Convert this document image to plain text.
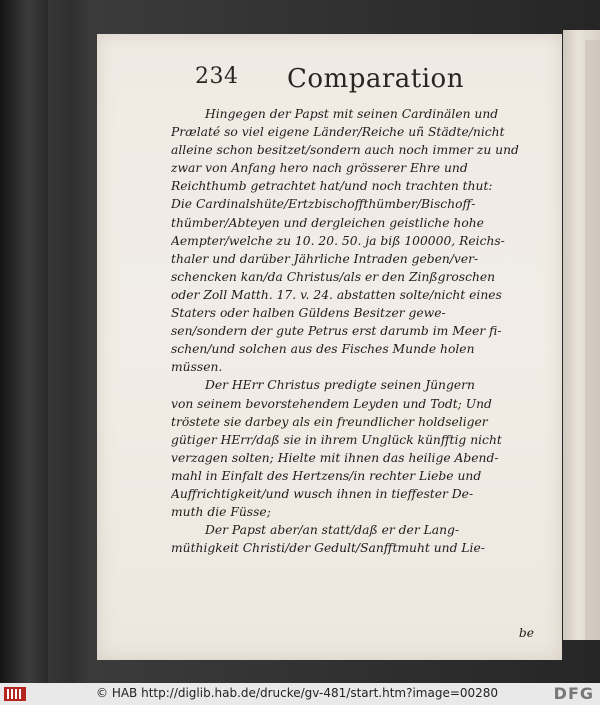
234 Comparation
Hingegen der Papst mit seinen Cardinälen und
Prælaté so viel eigene Länder/Reiche uñ Städte/nicht
alleine schon besitzet/sondern auch noch immer zu und
zwar von Anfang hero nach grösserer Ehre und
Reichthumb getrachtet hat/und noch trachten thut:
Die Cardinalshüte/Ertzbischoffthümber/Bischoff-
thümber/Abteyen und dergleichen geistliche hohe
Aempter/welche zu 10. 20. 50. ja biß 100000, Reichs-
thaler und darüber Jährliche Intraden geben/ver-
schencken kan/da Christus/als er den Zinßgroschen
oder Zoll Matth. 17. v. 24. abstatten solte/nicht eines
Staters oder halben Güldens Besitzer gewe-
sen/sondern der gute Petrus erst darumb im Meer fi-
schen/und solchen aus des Fisches Munde holen
müssen.
Der HErr Christus predigte seinen Jüngern
von seinem bevorstehendem Leyden und Todt; Und
tröstete sie darbey als ein freundlicher holdseliger
gütiger HErr/daß sie in ihrem Unglück künfftig nicht
verzagen solten; Hielte mit ihnen das heilige Abend-
mahl in Einfalt des Hertzens/in rechter Liebe und
Auffrichtigkeit/und wusch ihnen in tieffester De-
muth die Füsse;
Der Papst aber/an statt/daß er der Lang-
müthigkeit Christi/der Gedult/Sanfftmuht und Lie-
be
© HAB http://diglib.hab.de/drucke/gv-481/start.htm?image=00280	DFG
